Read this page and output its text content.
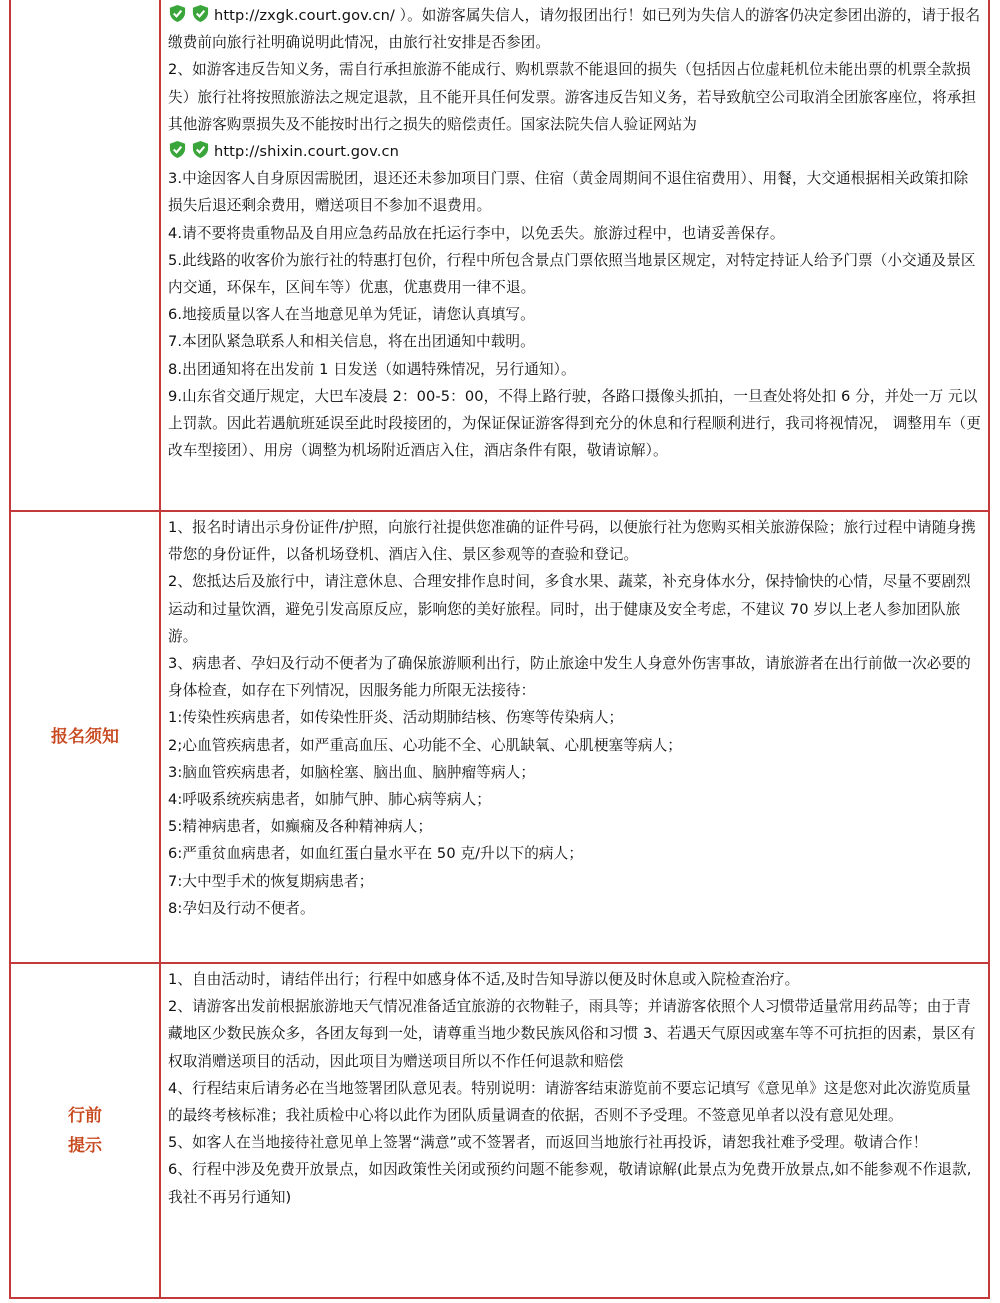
http://zxgk.court.gov.cn/ ）。如游客属失信人，请勿报团出行！如已列为失信人的游客仍决定参团出游的，请于报名缴费前向旅行社明确说明此情况，由旅行社安排是否参团。

2、如游客违反告知义务，需自行承担旅游不能成行、购机票款不能退回的损失（包括因占位虚耗机位未能出票的机票全款损失）旅行社将按照旅游法之规定退款，且不能开具任何发票。游客违反告知义务，若导致航空公司取消全团旅客座位，将承担其他游客购票损失及不能按时出行之损失的赔偿责任。国家法院失信人验证网站为

http://shixin.court.gov.cn

3.中途因客人自身原因需脱团，退还还未参加项目门票、住宿（黄金周期间不退住宿费用）、用餐，大交通根据相关政策扣除损失后退还剩余费用，赠送项目不参加不退费用。

4.请不要将贵重物品及自用应急药品放在托运行李中，以免丢失。旅游过程中，也请妥善保存。

5.此线路的收客价为旅行社的特惠打包价，行程中所包含景点门票依照当地景区规定，对特定持证人给予门票（小交通及景区内交通，环保车，区间车等）优惠，优惠费用一律不退。

6.地接质量以客人在当地意见单为凭证，请您认真填写。

7.本团队紧急联系人和相关信息，将在出团通知中载明。

8.出团通知将在出发前 1 日发送（如遇特殊情况，另行通知）。

9.山东省交通厅规定，大巴车凌晨 2：00-5：00，不得上路行驶，各路口摄像头抓拍，一旦查处将处扣 6 分，并处一万 元以上罚款。因此若遇航班延误至此时段接团的，为保证保证游客得到充分的休息和行程顺利进行，我司将视情况， 调整用车（更改车型接团）、用房（调整为机场附近酒店入住，酒店条件有限，敬请谅解）。

报名须知

1、报名时请出示身份证件/护照，向旅行社提供您准确的证件号码，以便旅行社为您购买相关旅游保险；旅行过程中请随身携带您的身份证件，以备机场登机、酒店入住、景区参观等的查验和登记。

2、您抵达后及旅行中，请注意休息、合理安排作息时间，多食水果、蔬菜，补充身体水分，保持愉快的心情，尽量不要剧烈运动和过量饮酒，避免引发高原反应，影响您的美好旅程。同时，出于健康及安全考虑，不建议 70 岁以上老人参加团队旅游。

3、病患者、孕妇及行动不便者为了确保旅游顺利出行，防止旅途中发生人身意外伤害事故，请旅游者在出行前做一次必要的身体检查，如存在下列情况，因服务能力所限无法接待：

1:传染性疾病患者，如传染性肝炎、活动期肺结核、伤寒等传染病人；

2;心血管疾病患者，如严重高血压、心功能不全、心肌缺氧、心肌梗塞等病人；

3:脑血管疾病患者，如脑栓塞、脑出血、脑肿瘤等病人；

4:呼吸系统疾病患者，如肺气肿、肺心病等病人；

5:精神病患者，如癫痫及各种精神病人；

6:严重贫血病患者，如血红蛋白量水平在 50 克/升以下的病人；

7:大中型手术的恢复期病患者；

8:孕妇及行动不便者。

行前
提示

1、自由活动时，请结伴出行；行程中如感身体不适,及时告知导游以便及时休息或入院检查治疗。

2、请游客出发前根据旅游地天气情况准备适宜旅游的衣物鞋子，雨具等；并请游客依照个人习惯带适量常用药品等；由于青藏地区少数民族众多，各团友每到一处，请尊重当地少数民族风俗和习惯 3、若遇天气原因或塞车等不可抗拒的因素，景区有权取消赠送项目的活动，因此项目为赠送项目所以不作任何退款和赔偿

4、行程结束后请务必在当地签署团队意见表。特别说明：请游客结束游览前不要忘记填写《意见单》这是您对此次游览质量的最终考核标准；我社质检中心将以此作为团队质量调查的依据，否则不予受理。不签意见单者以没有意见处理。

5、如客人在当地接待社意见单上签署“满意”或不签署者，而返回当地旅行社再投诉，请恕我社难予受理。敬请合作！

6、行程中涉及免费开放景点，如因政策性关闭或预约问题不能参观，敬请谅解(此景点为免费开放景点,如不能参观不作退款,我社不再另行通知)
